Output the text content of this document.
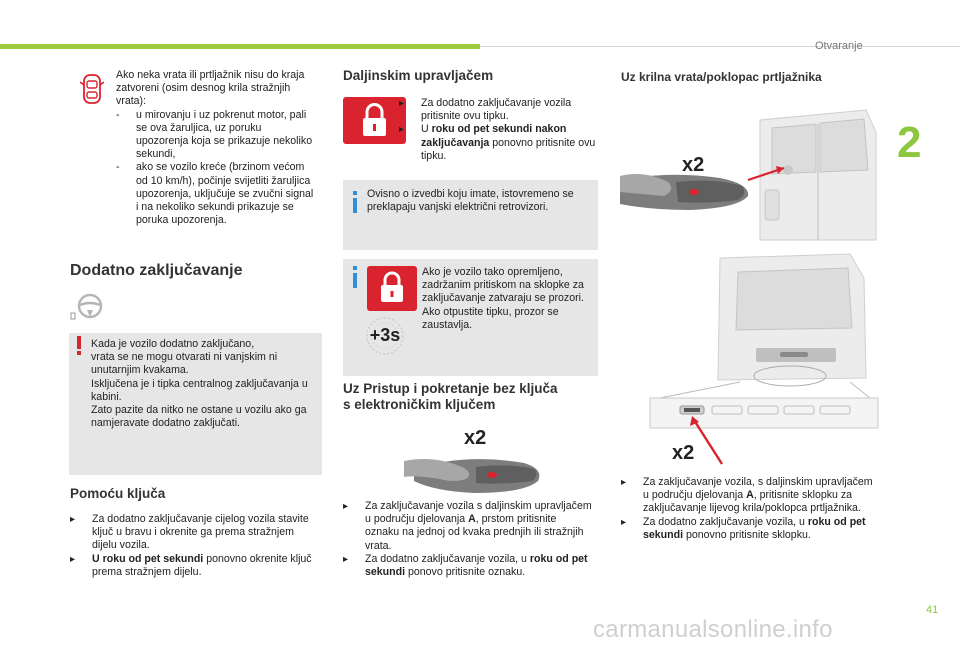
Otvaranje
2
Ako neka vrata ili prtljažnik nisu do kraja zatvoreni (osim desnog krila stražnjih vrata):
- u mirovanju i uz pokrenut motor, pali se ova žaruljica, uz poruku upozorenja koja se prikazuje nekoliko sekundi,
- ako se vozilo kreće (brzinom većom od 10 km/h), počinje svijetliti žaruljica upozorenja, uključuje se zvučni signal i na nekoliko sekundi prikazuje se poruka upozorenja.
Dodatno zaključavanje
Kada je vozilo dodatno zaključano,
vrata se ne mogu otvarati ni vanjskim ni unutarnjim kvakama.
Isključena je i tipka centralnog zaključavanja u kabini.
Zato pazite da nitko ne ostane u vozilu ako ga namjeravate dodatno zaključati.
Pomoću ključa
▸ Za dodatno zaključavanje cijelog vozila stavite ključ u bravu i okrenite ga prema stražnjem dijelu vozila.
▸ U roku od pet sekundi ponovno okrenite ključ prema stražnjem dijelu.
Daljinskim upravljačem
▸ Za dodatno zaključavanje vozila pritisnite ovu tipku.
▸ U roku od pet sekundi nakon zaključavanja ponovno pritisnite ovu tipku.
Ovisno o izvedbi koju imate, istovremeno se preklapaju vanjski električni retrovizori.
+3s
Ako je vozilo tako opremljeno, zadržanim pritiskom na sklopke za zaključavanje zatvaraju se prozori. Ako otpustite tipku, prozor se zaustavlja.
Uz Pristup i pokretanje bez ključa
s elektroničkim ključem
x2
▸ Za zaključavanje vozila s daljinskim upravljačem u području djelovanja A, prstom pritisnite oznaku na jednoj od kvaka prednjih ili stražnjih vrata.
▸ Za dodatno zaključavanje vozila, u roku od pet sekundi ponovo pritisnite oznaku.
Uz krilna vrata/poklopac prtljažnika
x2
x2
▸ Za zaključavanje vozila, s daljinskim upravljačem u području djelovanja A, pritisnite sklopku za zaključavanje lijevog krila/poklopca prtljažnika.
▸ Za dodatno zaključavanje vozila, u roku od pet sekundi ponovno pritisnite sklopku.
41
carmanualsonline.info
